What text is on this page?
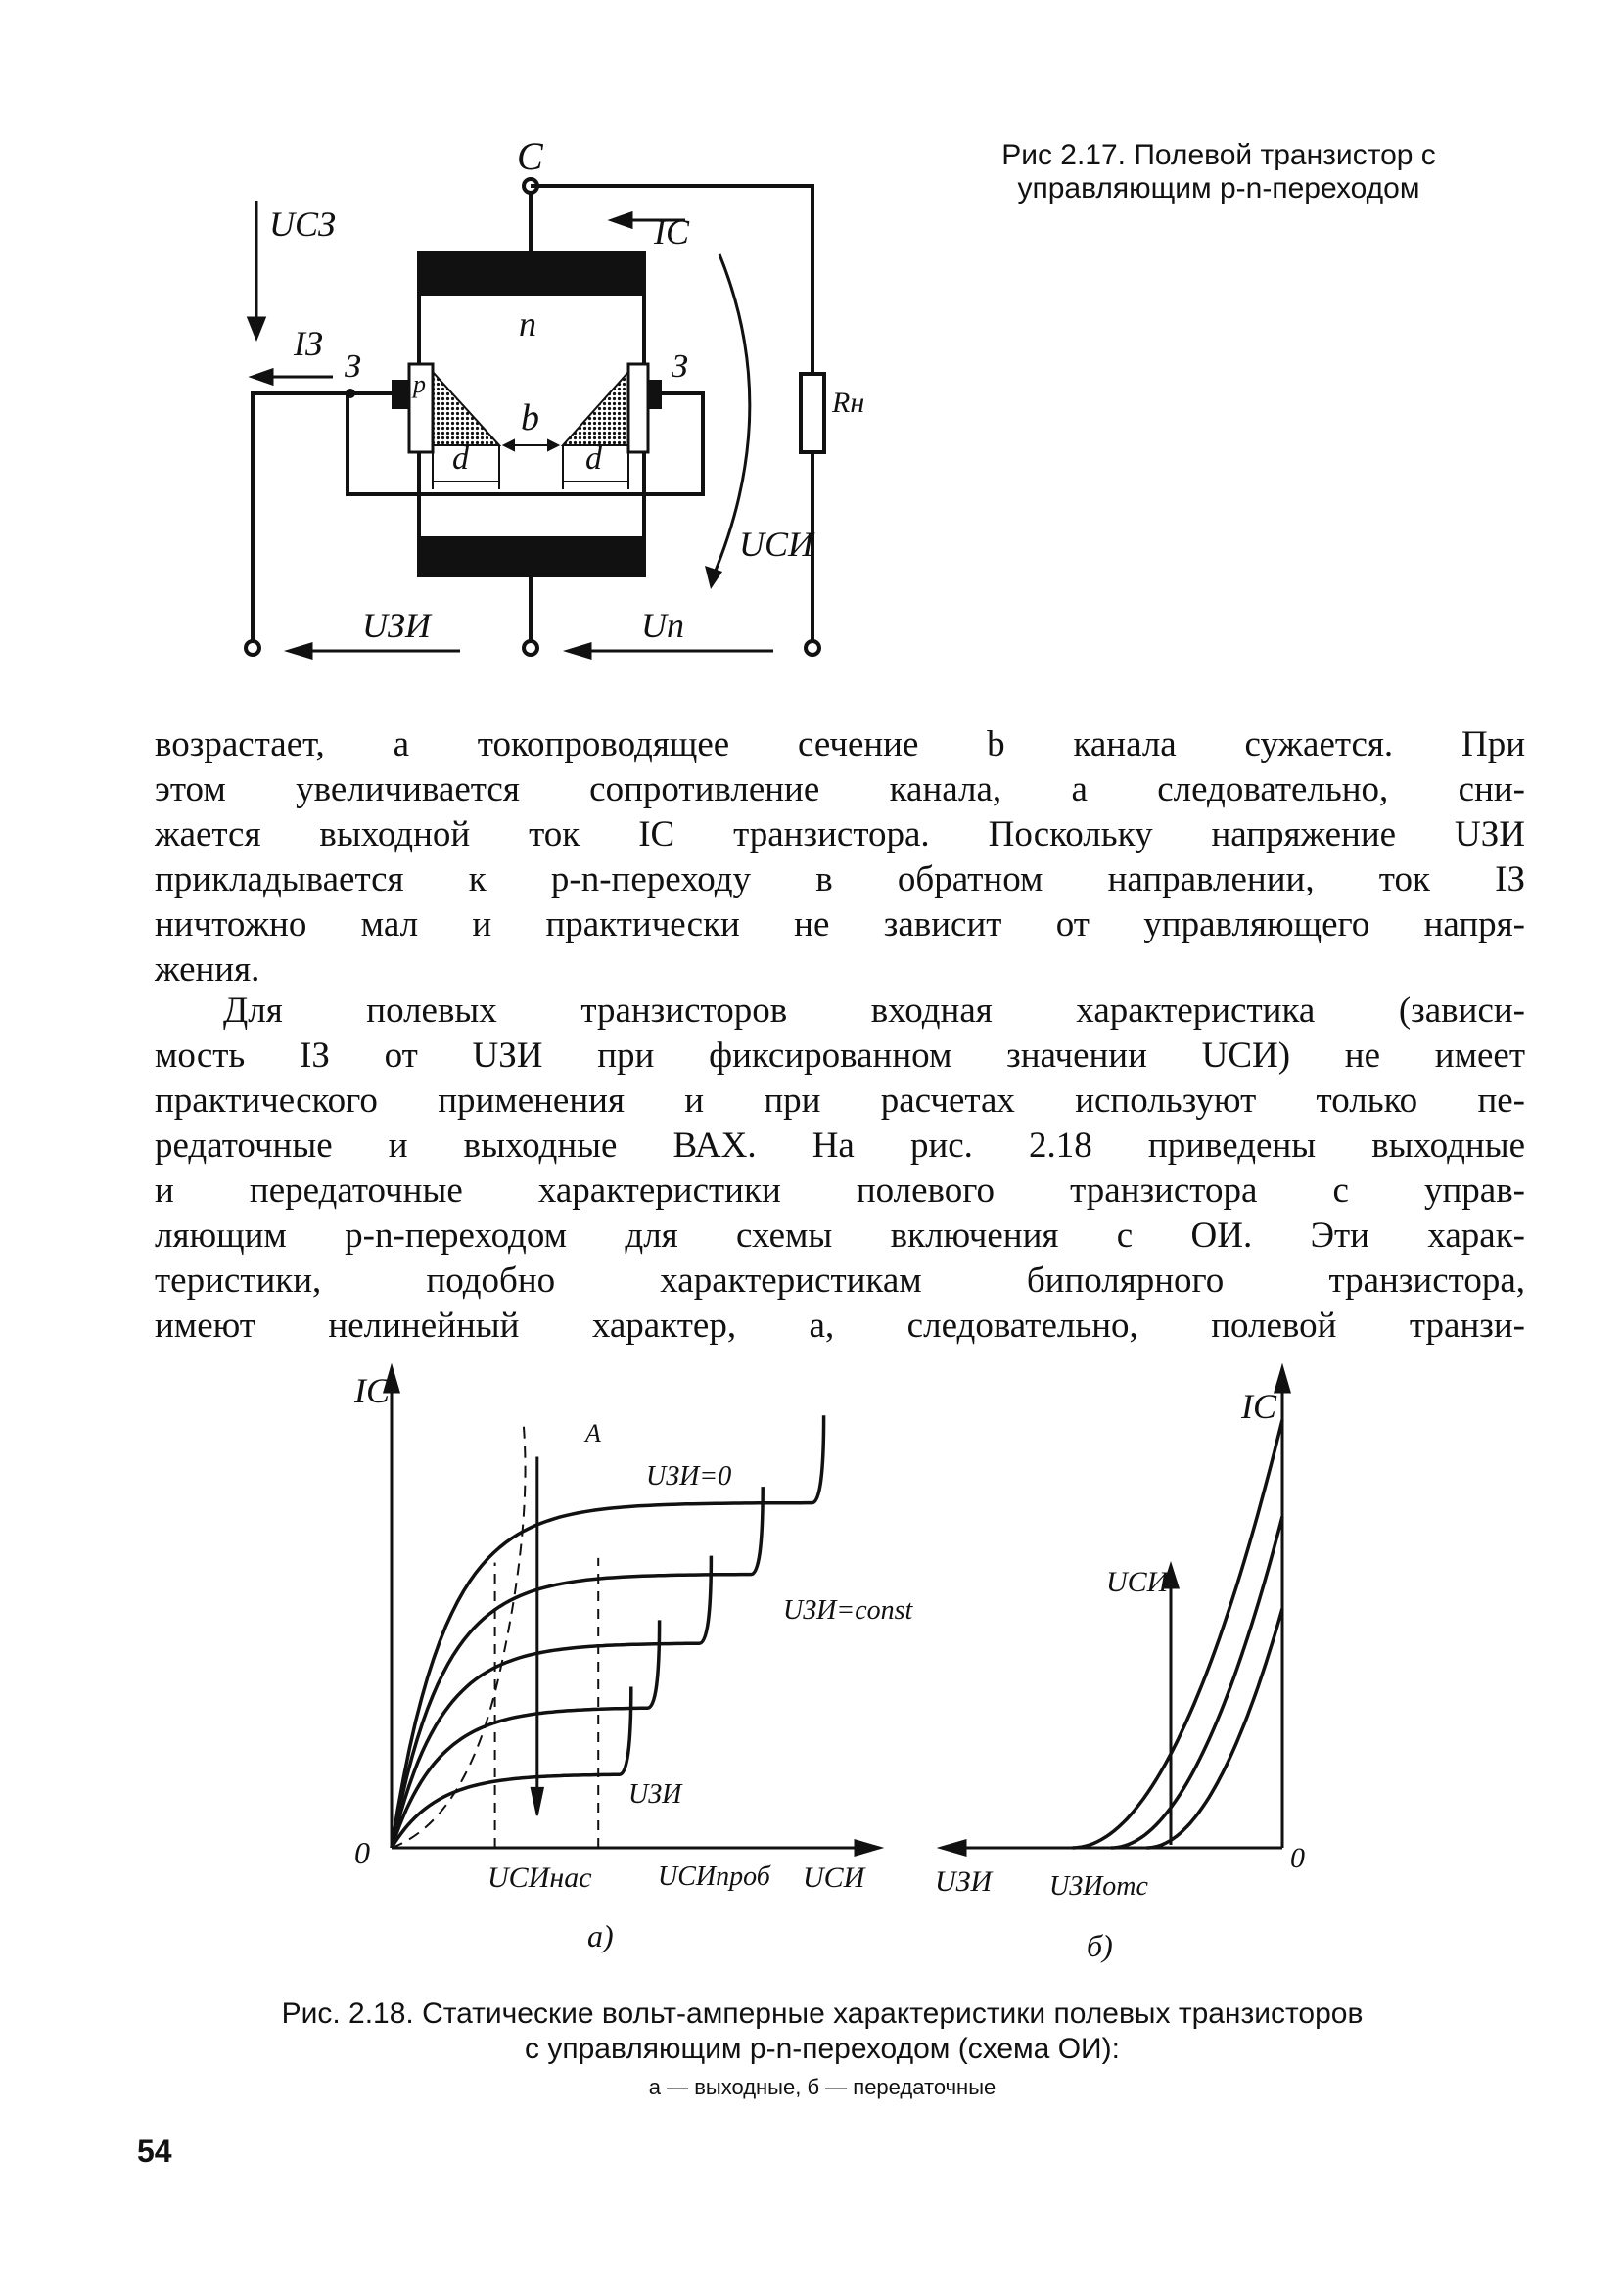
С
UСЗ
IЗ
З	З
IС
n
p
b
d	d
Rн
UСИ
UЗИ	Uп
Рис 2.17. Полевой транзистор с
управляющим р-n-переходом
возрастает, а токопроводящее сечение b канала сужается. При
этом увеличивается сопротивление канала, а следовательно, сни-
жается выходной ток IС транзистора. Поскольку напряжение UЗИ
прикладывается к p-n-переходу в обратном направлении, ток IЗ
ничтожно мал и практически не зависит от управляющего напря-
жения.
Для полевых транзисторов входная характеристика (зависи-
мость IЗ от UЗИ при фиксированном значении UСИ) не имеет
практического применения и при расчетах используют только пе-
редаточные и выходные ВАХ. На рис. 2.18 приведены выходные
и передаточные характеристики полевого транзистора с управ-
ляющим p-n-переходом для схемы включения с ОИ. Эти харак-
теристики, подобно характеристикам биполярного транзистора,
имеют нелинейный характер, а, следовательно, полевой транзи-
IС
0
A
UЗИ=0
UЗИ=const
UЗИ
UСИнас UСИпроб UСИ
а)
IС
UСИ
0
UЗИ UЗИотс
б)
Рис. 2.18. Статические вольт-амперные характеристики полевых транзисторов
с управляющим p-n-переходом (схема ОИ):
а — выходные, б — передаточные
54
